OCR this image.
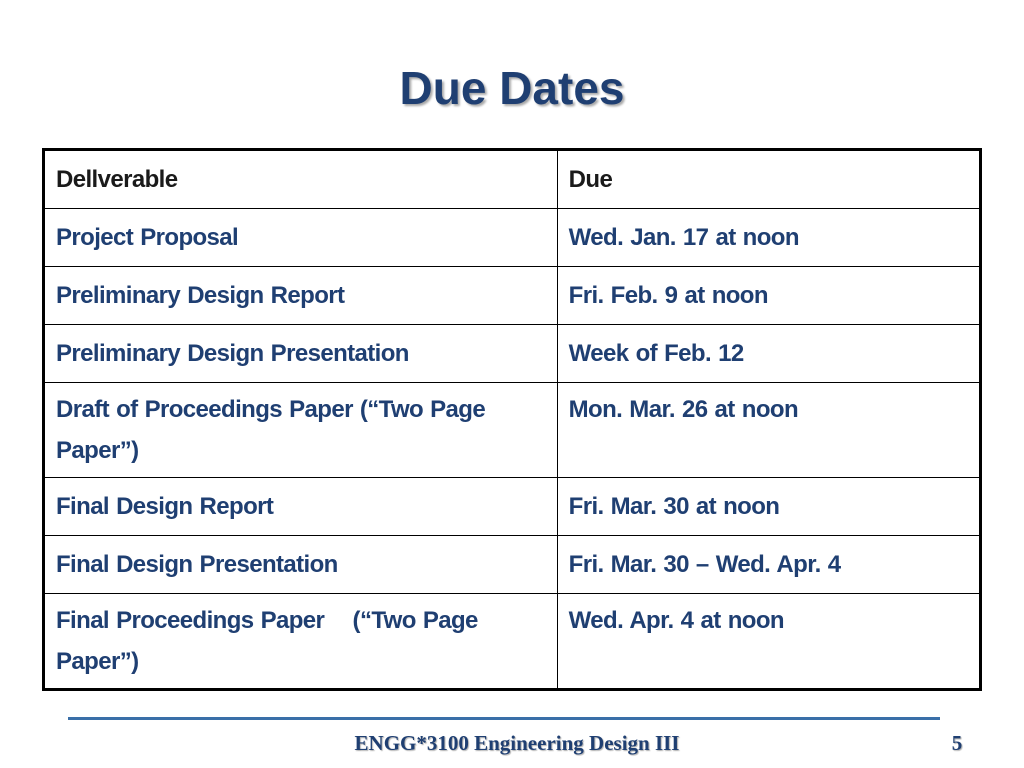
Due Dates
Dellverable	Due
Project Proposal	Wed. Jan. 17 at noon
Preliminary Design Report	Fri. Feb. 9 at noon
Preliminary Design Presentation	Week of Feb. 12
Draft of Proceedings Paper (“Two Page Paper”)	Mon. Mar. 26 at noon
Final Design Report	Fri. Mar. 30 at noon
Final Design Presentation	Fri. Mar. 30 – Wed. Apr. 4
Final Proceedings Paper    (“Two Page Paper”)	Wed. Apr. 4 at noon
ENGG*3100 Engineering Design III	5
